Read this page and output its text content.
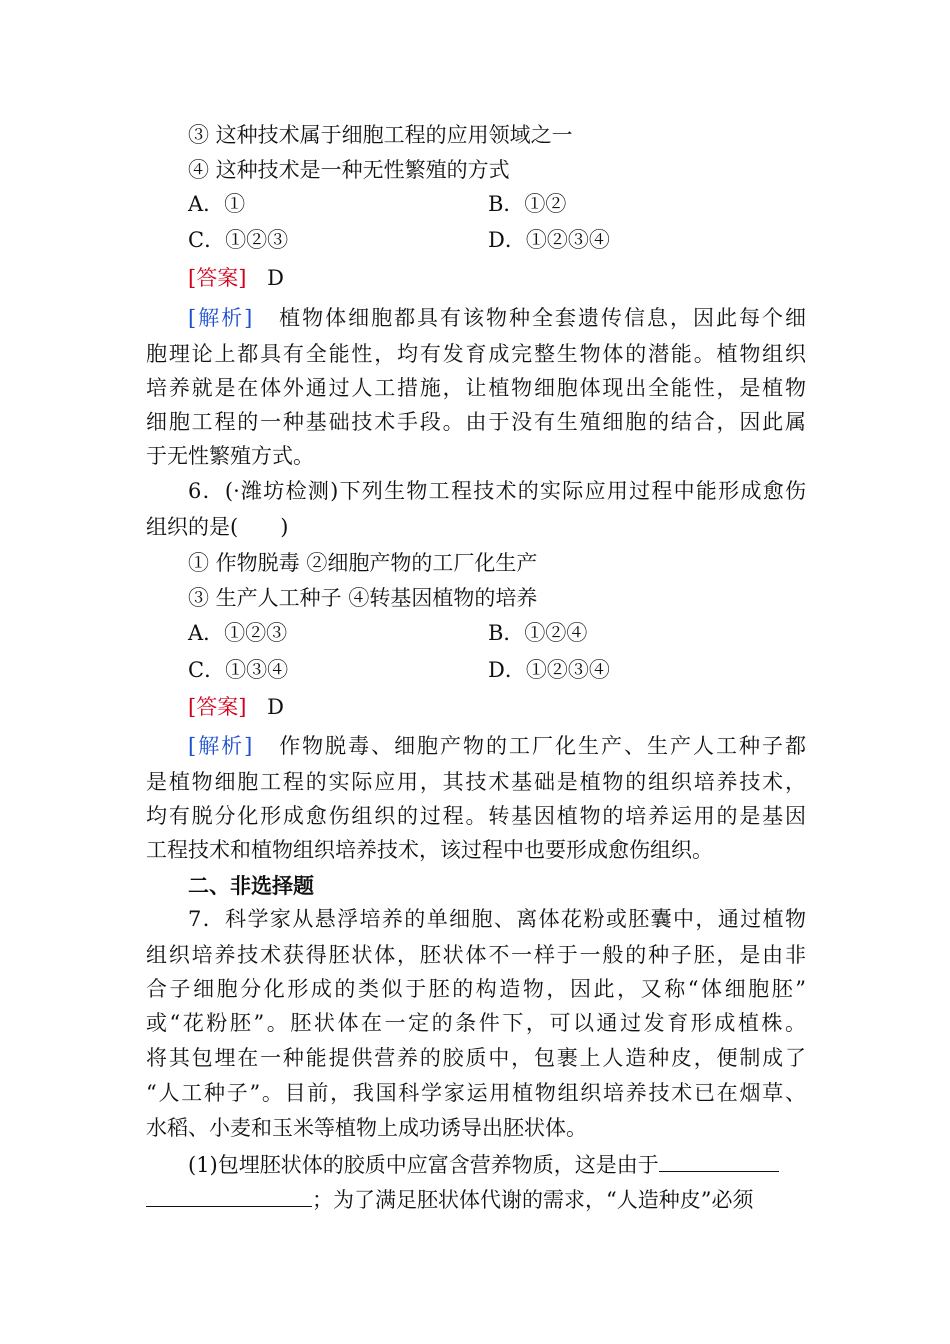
③ 这种技术属于细胞工程的应用领域之一
④ 这种技术是一种无性繁殖的方式
A．①	B．①②
C．①②③	D．①②③④
[答案] D
[解析] 植物体细胞都具有该物种全套遗传信息，因此每个细
胞理论上都具有全能性，均有发育成完整生物体的潜能。植物组织
培养就是在体外通过人工措施，让植物细胞体现出全能性，是植物
细胞工程的一种基础技术手段。由于没有生殖细胞的结合，因此属
于无性繁殖方式。
6．(·潍坊检测)下列生物工程技术的实际应用过程中能形成愈伤
组织的是(　　)
① 作物脱毒 ②细胞产物的工厂化生产
③ 生产人工种子 ④转基因植物的培养
A．①②③	B．①②④
C．①③④	D．①②③④
[答案] D
[解析] 作物脱毒、细胞产物的工厂化生产、生产人工种子都
是植物细胞工程的实际应用，其技术基础是植物的组织培养技术，
均有脱分化形成愈伤组织的过程。转基因植物的培养运用的是基因
工程技术和植物组织培养技术，该过程中也要形成愈伤组织。
二、非选择题
7．科学家从悬浮培养的单细胞、离体花粉或胚囊中，通过植物
组织培养技术获得胚状体，胚状体不一样于一般的种子胚，是由非
合子细胞分化形成的类似于胚的构造物，因此，又称“体细胞胚”
或“花粉胚”。胚状体在一定的条件下，可以通过发育形成植株。
将其包埋在一种能提供营养的胶质中，包裹上人造种皮，便制成了
“人工种子”。目前，我国科学家运用植物组织培养技术已在烟草、
水稻、小麦和玉米等植物上成功诱导出胚状体。
(1)包埋胚状体的胶质中应富含营养物质，这是由于
；为了满足胚状体代谢的需求，“人造种皮”必须
